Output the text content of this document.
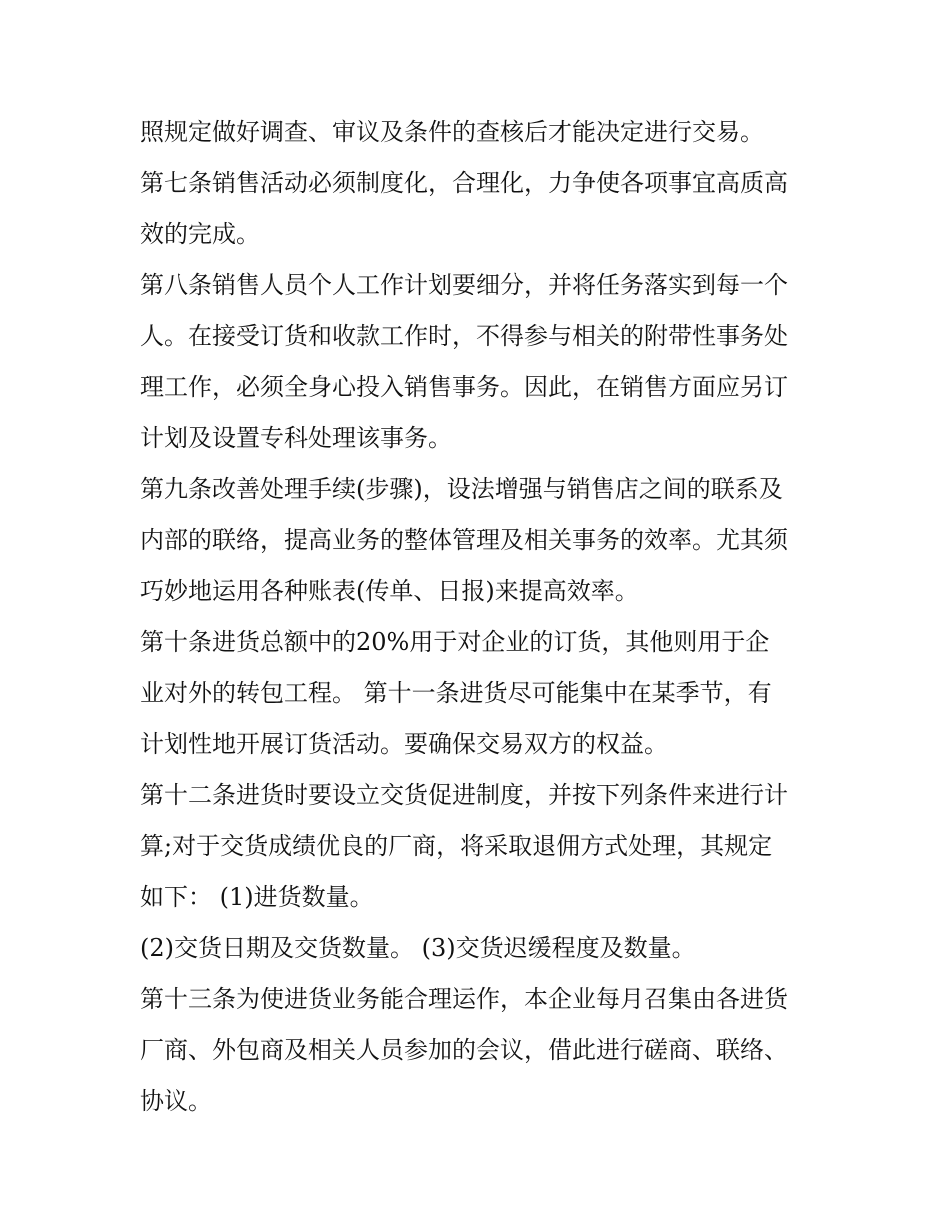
照规定做好调查、审议及条件的查核后才能决定进行交易。
第七条销售活动必须制度化，合理化，力争使各项事宜高质高
效的完成。
第八条销售人员个人工作计划要细分，并将任务落实到每一个
人。在接受订货和收款工作时，不得参与相关的附带性事务处
理工作，必须全身心投入销售事务。因此，在销售方面应另订
计划及设置专科处理该事务。
第九条改善处理手续(步骤)，设法增强与销售店之间的联系及
内部的联络，提高业务的整体管理及相关事务的效率。尤其须
巧妙地运用各种账表(传单、日报)来提高效率。
第十条进货总额中的20%用于对企业的订货，其他则用于企
业对外的转包工程。 第十一条进货尽可能集中在某季节，有
计划性地开展订货活动。要确保交易双方的权益。
第十二条进货时要设立交货促进制度，并按下列条件来进行计
算;对于交货成绩优良的厂商，将采取退佣方式处理，其规定
如下： (1)进货数量。
(2)交货日期及交货数量。 (3)交货迟缓程度及数量。
第十三条为使进货业务能合理运作，本企业每月召集由各进货
厂商、外包商及相关人员参加的会议，借此进行磋商、联络、
协议。
